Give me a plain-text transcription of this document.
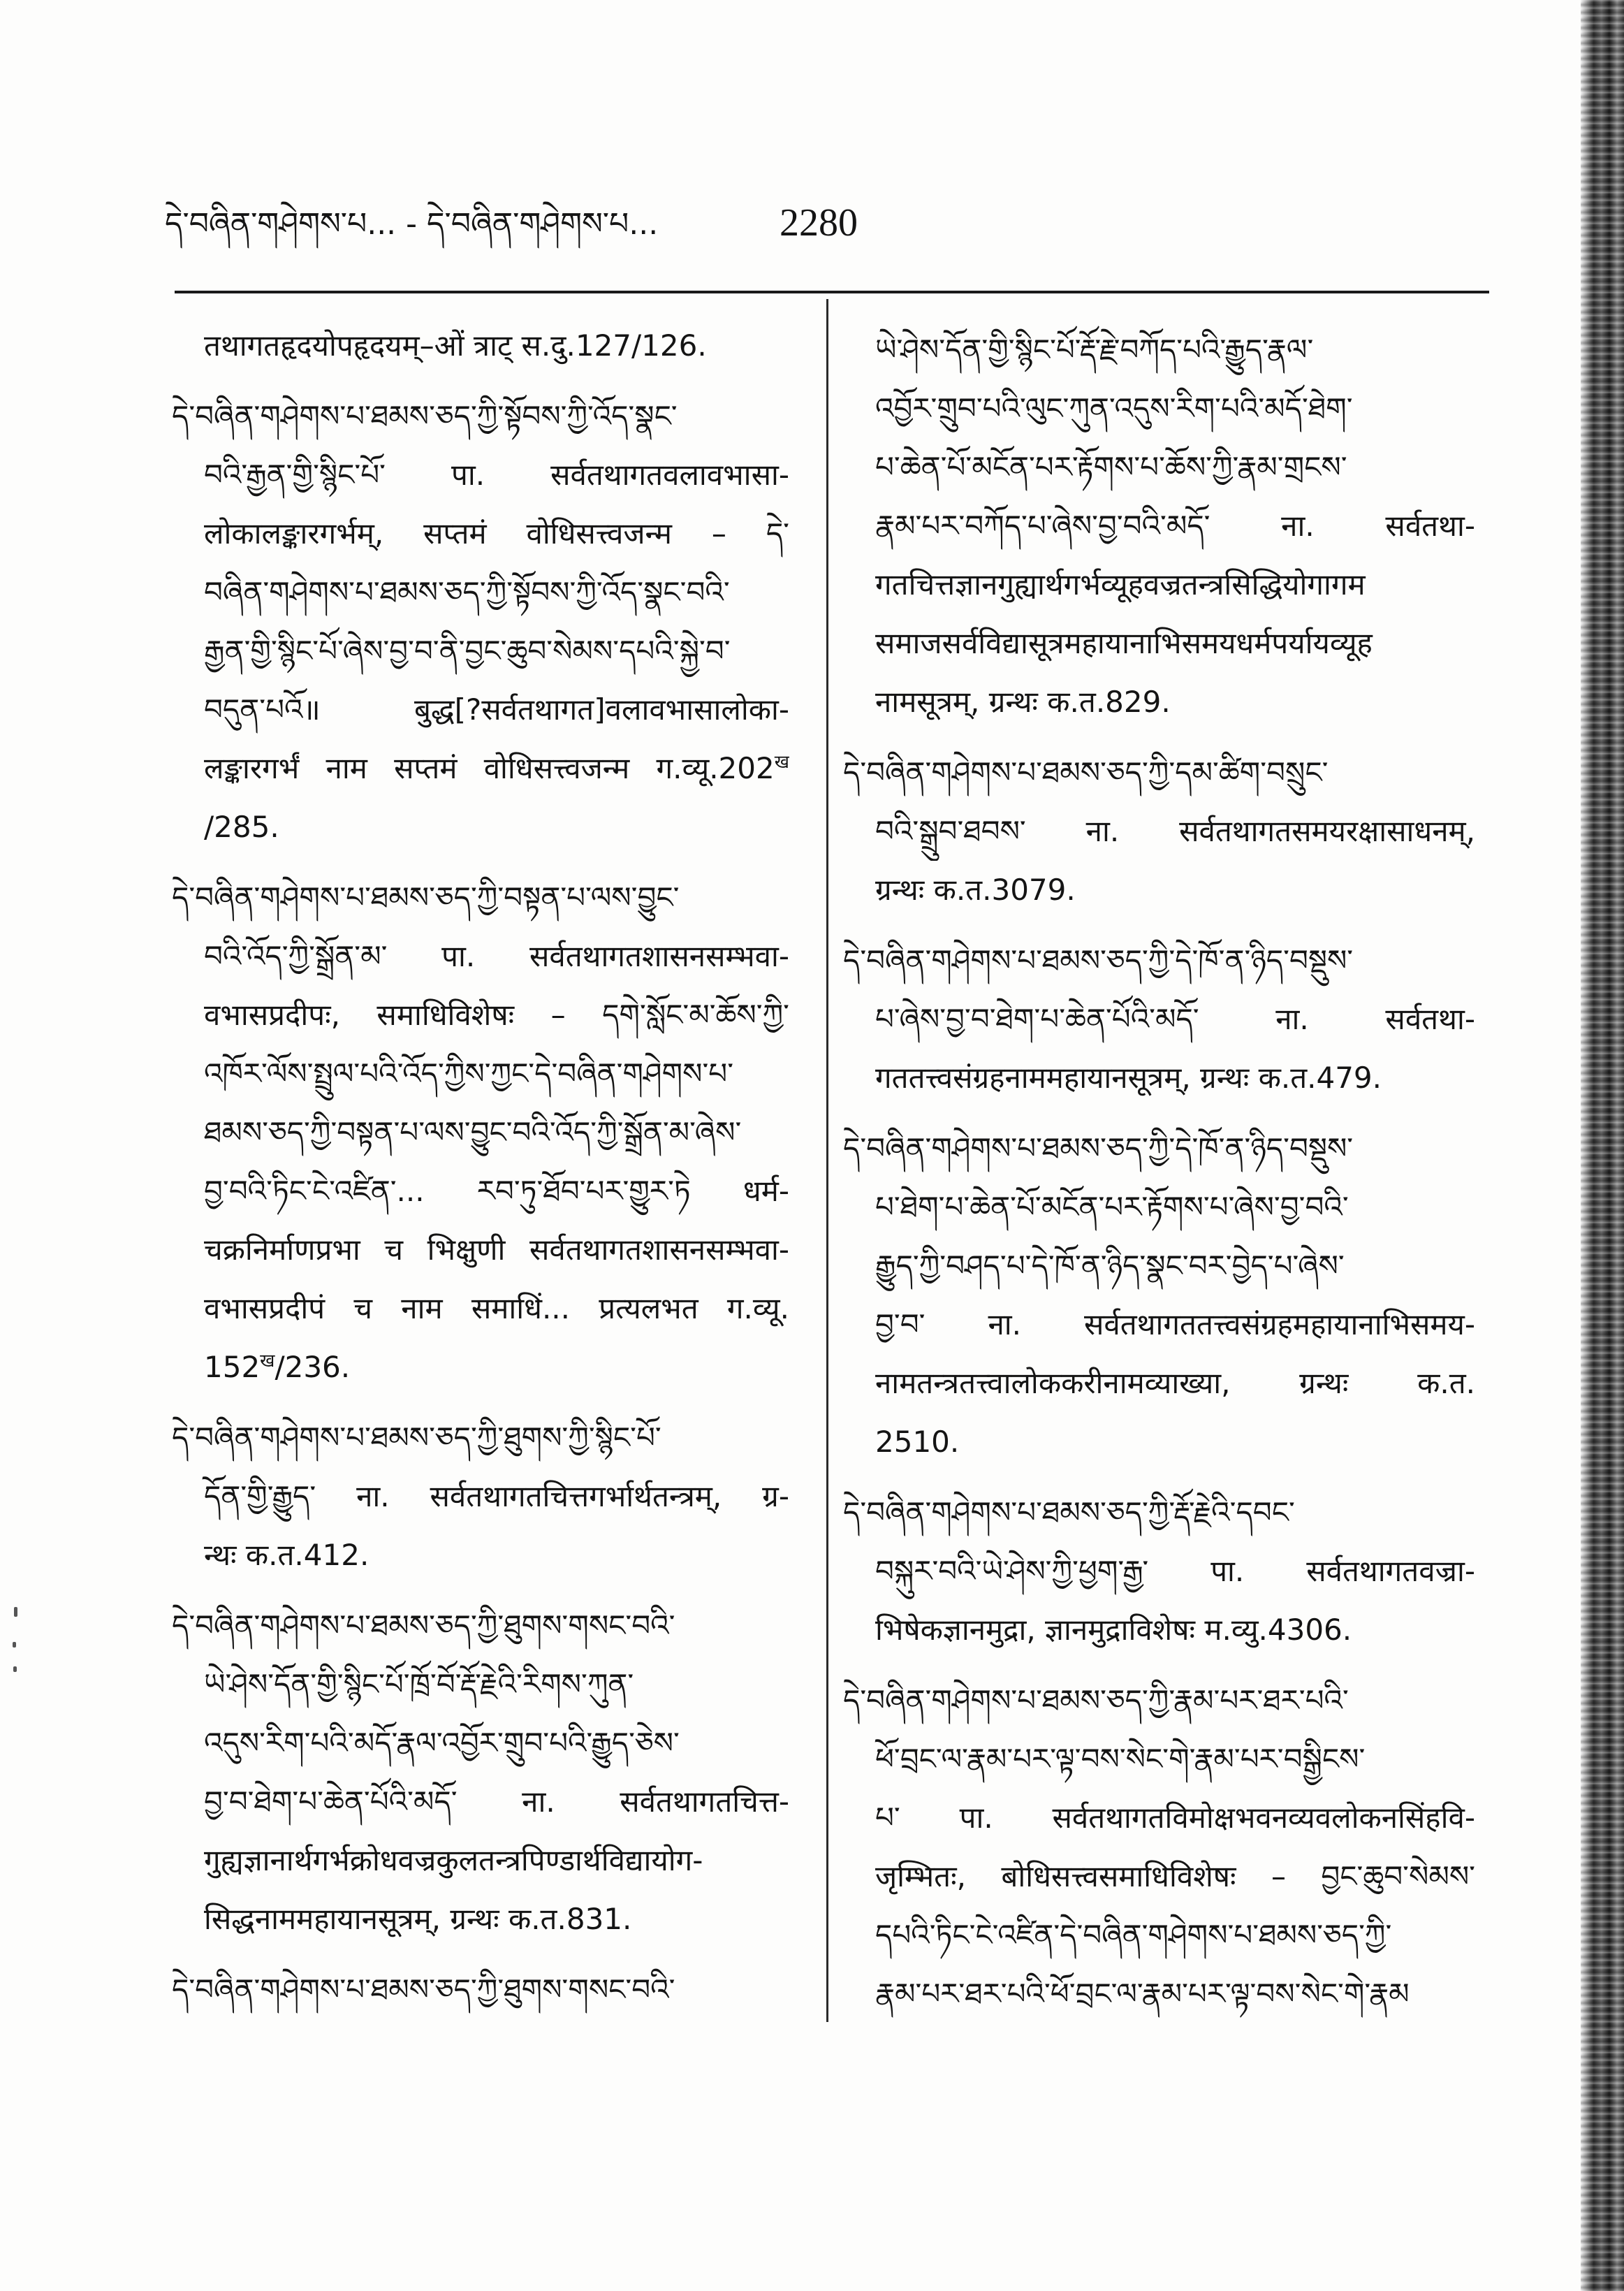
དེ་བཞིན་གཤེགས་པ... - དེ་བཞིན་གཤེགས་པ...	2280
तथागतहृदयोपहृदयम्–ओं त्राट् स.दु.127/126.
དེ་བཞིན་གཤེགས་པ་ཐམས་ཅད་ཀྱི་སྟོབས་ཀྱི་འོད་སྣང་
བའི་རྒྱན་གྱི་སྙིང་པོ་ पा. सर्वतथागतवलावभासा-
लोकालङ्कारगर्भम्, सप्तमं वोधिसत्त्वजन्म – དེ་
བཞིན་གཤེགས་པ་ཐམས་ཅད་ཀྱི་སྟོབས་ཀྱི་འོད་སྣང་བའི་
རྒྱན་གྱི་སྙིང་པོ་ཞེས་བྱ་བ་ནི་བྱང་ཆུབ་སེམས་དཔའི་སྐྱེ་བ་
བདུན་པའོ॥ बुद्ध[?सर्वतथागत]वलावभासालोका-
लङ्कारगर्भं नाम सप्तमं वोधिसत्त्वजन्म $ग.व्यू.202^ख$
/285.
དེ་བཞིན་གཤེགས་པ་ཐམས་ཅད་ཀྱི་བསྟན་པ་ལས་བྱུང་
བའི་འོད་ཀྱི་སྒྲོན་མ་ पा. सर्वतथागतशासनसम्भवा-
वभासप्रदीपः, समाधिविशेषः – དགེ་སློང་མ་ཆོས་ཀྱི་
འཁོར་ལོས་སྤྲུལ་པའི་འོད་ཀྱིས་ཀྱང་དེ་བཞིན་གཤེགས་པ་
ཐམས་ཅད་ཀྱི་བསྟན་པ་ལས་བྱུང་བའི་འོད་ཀྱི་སྒྲོན་མ་ཞེས་
བྱ་བའི་ཏིང་ངེ་འཛིན་... རབ་ཏུ་ཐོབ་པར་གྱུར་ཏེ धर्म-
चक्रनिर्माणप्रभा च भिक्षुणी सर्वतथागतशासनसम्भवा-
वभासप्रदीपं च नाम समाधिं... प्रत्यलभत ग.व्यू.
$152^ख/236$.
དེ་བཞིན་གཤེགས་པ་ཐམས་ཅད་ཀྱི་ཐུགས་ཀྱི་སྙིང་པོ་
དོན་གྱི་རྒྱུད་ ना. सर्वतथागतचित्तगर्भार्थतन्त्रम्, ग्र-
न्थः क.त.412.
དེ་བཞིན་གཤེགས་པ་ཐམས་ཅད་ཀྱི་ཐུགས་གསང་བའི་
ཡེ་ཤེས་དོན་གྱི་སྙིང་པོ་ཁྲོ་བོ་རྡོ་རྗེའི་རིགས་ཀུན་
འདུས་རིག་པའི་མདོ་རྣལ་འབྱོར་གྲུབ་པའི་རྒྱུད་ཅེས་
བྱ་བ་ཐེག་པ་ཆེན་པོའི་མདོ་ ना. सर्वतथागतचित्त-
गुह्यज्ञानार्थगर्भक्रोधवज्रकुलतन्त्रपिण्डार्थविद्यायोग-
सिद्धनाममहायानसूत्रम्, ग्रन्थः क.त.831.
དེ་བཞིན་གཤེགས་པ་ཐམས་ཅད་ཀྱི་ཐུགས་གསང་བའི་
ཡེ་ཤེས་དོན་གྱི་སྙིང་པོ་རྡོ་རྗེ་བཀོད་པའི་རྒྱུད་རྣལ་
འབྱོར་གྲུབ་པའི་ལུང་ཀུན་འདུས་རིག་པའི་མདོ་ཐེག་
པ་ཆེན་པོ་མངོན་པར་རྟོགས་པ་ཆོས་ཀྱི་རྣམ་གྲངས་
རྣམ་པར་བཀོད་པ་ཞེས་བྱ་བའི་མདོ་ ना. सर्वतथा-
गतचित्तज्ञानगुह्यार्थगर्भव्यूहवज्रतन्त्रसिद्धियोगागम
समाजसर्वविद्यासूत्रमहायानाभिसमयधर्मपर्यायव्यूह
नामसूत्रम्, ग्रन्थः क.त.829.
དེ་བཞིན་གཤེགས་པ་ཐམས་ཅད་ཀྱི་དམ་ཚིག་བསྲུང་
བའི་སྒྲུབ་ཐབས་ ना. सर्वतथागतसमयरक्षासाधनम्,
ग्रन्थः क.त.3079.
དེ་བཞིན་གཤེགས་པ་ཐམས་ཅད་ཀྱི་དེ་ཁོ་ན་ཉིད་བསྡུས་
པ་ཞེས་བྱ་བ་ཐེག་པ་ཆེན་པོའི་མདོ་ ना. सर्वतथा-
गततत्त्वसंग्रहनाममहायानसूत्रम्, ग्रन्थः क.त.479.
དེ་བཞིན་གཤེགས་པ་ཐམས་ཅད་ཀྱི་དེ་ཁོ་ན་ཉིད་བསྡུས་
པ་ཐེག་པ་ཆེན་པོ་མངོན་པར་རྟོགས་པ་ཞེས་བྱ་བའི་
རྒྱུད་ཀྱི་བཤད་པ་དེ་ཁོ་ན་ཉིད་སྣང་བར་བྱེད་པ་ཞེས་
བྱ་བ་ ना. सर्वतथागततत्त्वसंग्रहमहायानाभिसमय-
नामतन्त्रतत्त्वालोककरीनामव्याख्या, ग्रन्थः क.त.
2510.
དེ་བཞིན་གཤེགས་པ་ཐམས་ཅད་ཀྱི་རྡོ་རྗེའི་དབང་
བསྐུར་བའི་ཡེ་ཤེས་ཀྱི་ཕྱག་རྒྱ་ पा. सर्वतथागतवज्रा-
भिषेकज्ञानमुद्रा, ज्ञानमुद्राविशेषः म.व्यु.4306.
དེ་བཞིན་གཤེགས་པ་ཐམས་ཅད་ཀྱི་རྣམ་པར་ཐར་པའི་
ཕོ་བྲང་ལ་རྣམ་པར་ལྟ་བས་སེང་གེ་རྣམ་པར་བསྒྱིངས་
པ་ पा. सर्वतथागतविमोक्षभवनव्यवलोकनसिंहवि-
जृम्भितः, बोधिसत्त्वसमाधिविशेषः – བྱང་ཆུབ་སེམས་
དཔའི་ཏིང་ངེ་འཛིན་དེ་བཞིན་གཤེགས་པ་ཐམས་ཅད་ཀྱི་
རྣམ་པར་ཐར་པའི་ཕོ་བྲང་ལ་རྣམ་པར་ལྟ་བས་སེང་གེ་རྣམ
